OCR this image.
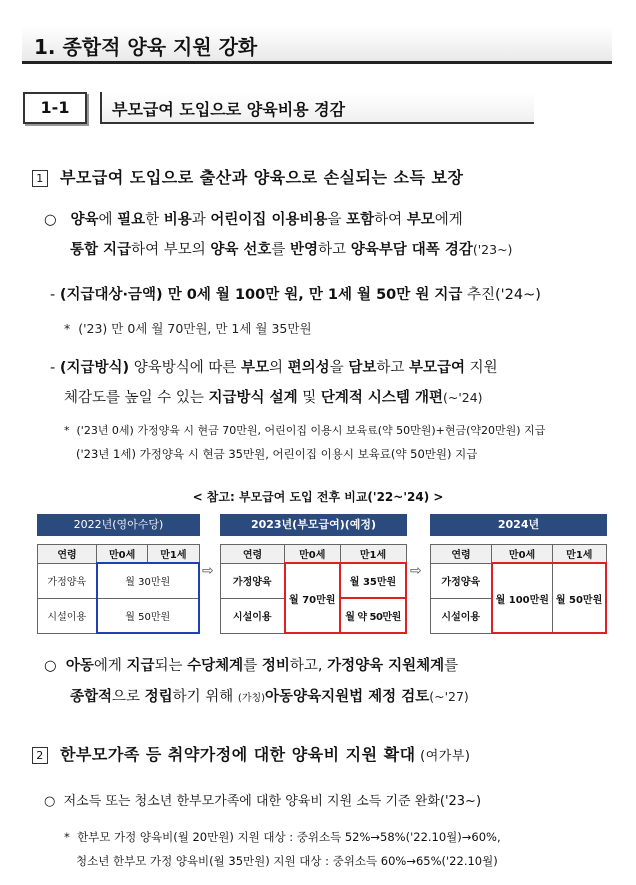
1. 종합적 양육 지원 강화
1-1	부모급여 도입으로 양육비용 경감
1 부모급여 도입으로 출산과 양육으로 손실되는 소득 보장
○ 양육에 필요한 비용과 어린이집 이용비용을 포함하여 부모에게
통합 지급하여 부모의 양육 선호를 반영하고 양육부담 대폭 경감('23~)
- (지급대상·금액) 만 0세 월 100만 원, 만 1세 월 50만 원 지급 추진('24~)
* ('23) 만 0세 월 70만원, 만 1세 월 35만원
- (지급방식) 양육방식에 따른 부모의 편의성을 담보하고 부모급여 지원
체감도를 높일 수 있는 지급방식 설계 및 단계적 시스템 개편(~'24)
* ('23년 0세) 가정양육 시 현금 70만원, 어린이집 이용시 보육료(약 50만원)+현금(약20만원) 지급
('23년 1세) 가정양육 시 현금 35만원, 어린이집 이용시 보육료(약 50만원) 지급
< 참고: 부모급여 도입 전후 비교('22~'24) >
2022년(영아수당)
연령	만0세	만1세
가정양육	월 30만원	
시설이용	월 50만원	
⇨
2023년(부모급여)(예정)
연령	만0세	만1세
가정양육	월 70만원	월 35만원
시설이용		월 약 50만원
⇨
2024년
연령	만0세	만1세
가정양육	월 100만원	월 50만원
시설이용		
○ 아동에게 지급되는 수당체계를 정비하고, 가정양육 지원체계를
종합적으로 정립하기 위해 (가칭)아동양육지원법 제정 검토(~'27)
2 한부모가족 등 취약가정에 대한 양육비 지원 확대 (여가부)
○ 저소득 또는 청소년 한부모가족에 대한 양육비 지원 소득 기준 완화('23~)
* 한부모 가정 양육비(월 20만원) 지원 대상 : 중위소득 52%→58%('22.10월)→60%,
청소년 한부모 가정 양육비(월 35만원) 지원 대상 : 중위소득 60%→65%('22.10월)
